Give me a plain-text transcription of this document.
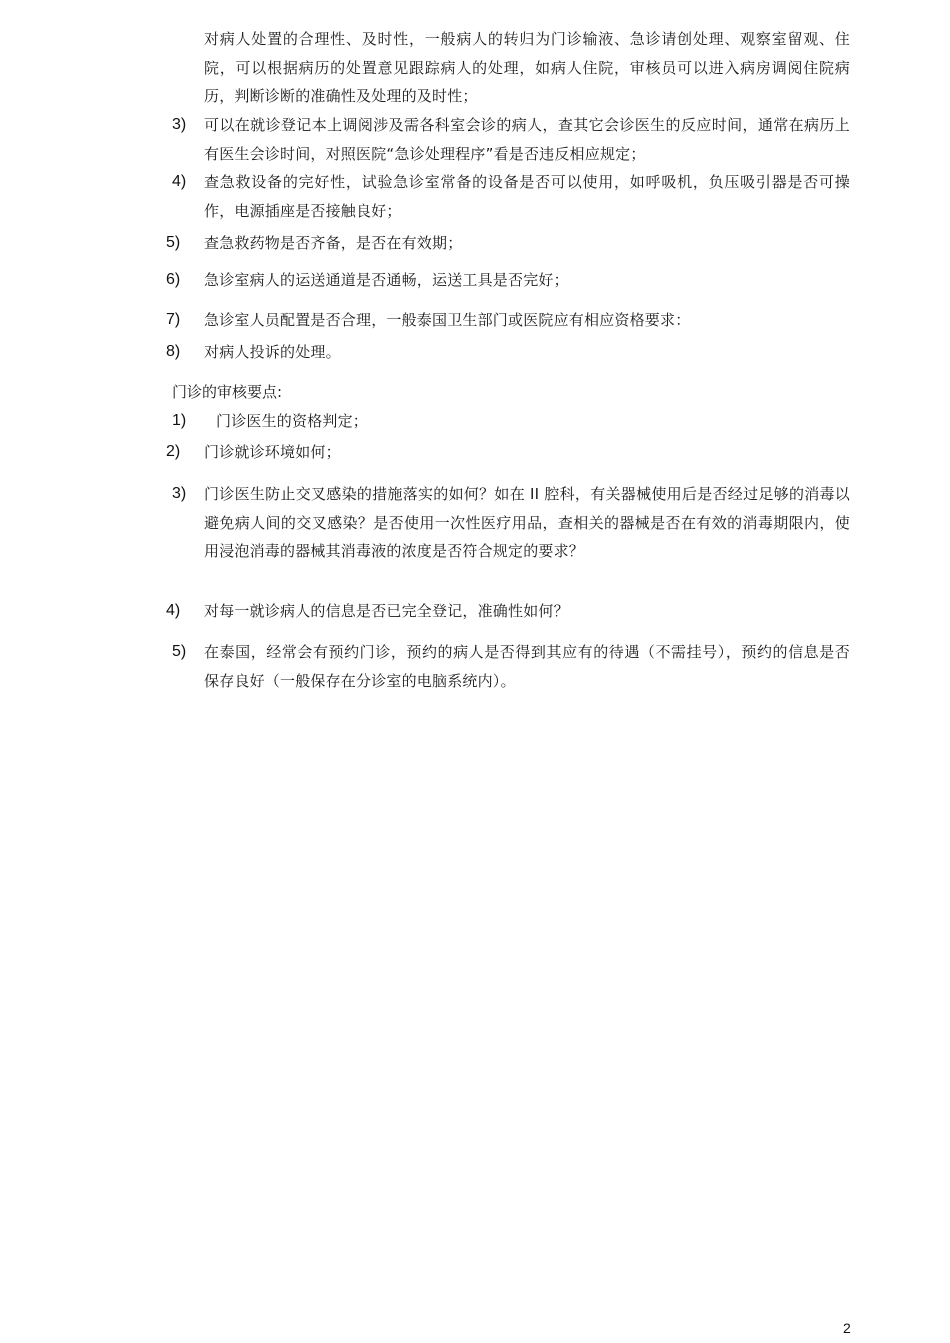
对病人处置的合理性、及时性，一般病人的转归为门诊输液、急诊请创处理、观察室留观、住院，可以根据病历的处置意见跟踪病人的处理，如病人住院，审核员可以进入病房调阅住院病历，判断诊断的准确性及处理的及时性；
3) 可以在就诊登记本上调阅涉及需各科室会诊的病人，查其它会诊医生的反应时间，通常在病历上有医生会诊时间，对照医院“急诊处理程序”看是否违反相应规定；
4) 查急救设备的完好性，试验急诊室常备的设备是否可以使用，如呼吸机，负压吸引器是否可操作，电源插座是否接触良好；
5) 查急救药物是否齐备，是否在有效期；
6) 急诊室病人的运送通道是否通畅，运送工具是否完好；
7) 急诊室人员配置是否合理，一般泰国卫生部门或医院应有相应资格要求：
8) 对病人投诉的处理。
门诊的审核要点:
1) 门诊医生的资格判定；
2) 门诊就诊环境如何；
3) 门诊医生防止交叉感染的措施落实的如何？如在 II 腔科，有关器械使用后是否经过足够的消毒以避免病人间的交叉感染？是否使用一次性医疗用品，查相关的器械是否在有效的消毒期限内，使用浸泡消毒的器械其消毒液的浓度是否符合规定的要求？
4) 对每一就诊病人的信息是否已完全登记，准确性如何？
5) 在泰国，经常会有预约门诊，预约的病人是否得到其应有的待遇（不需挂号），预约的信息是否保存良好（一般保存在分诊室的电脑系统内）。
2
